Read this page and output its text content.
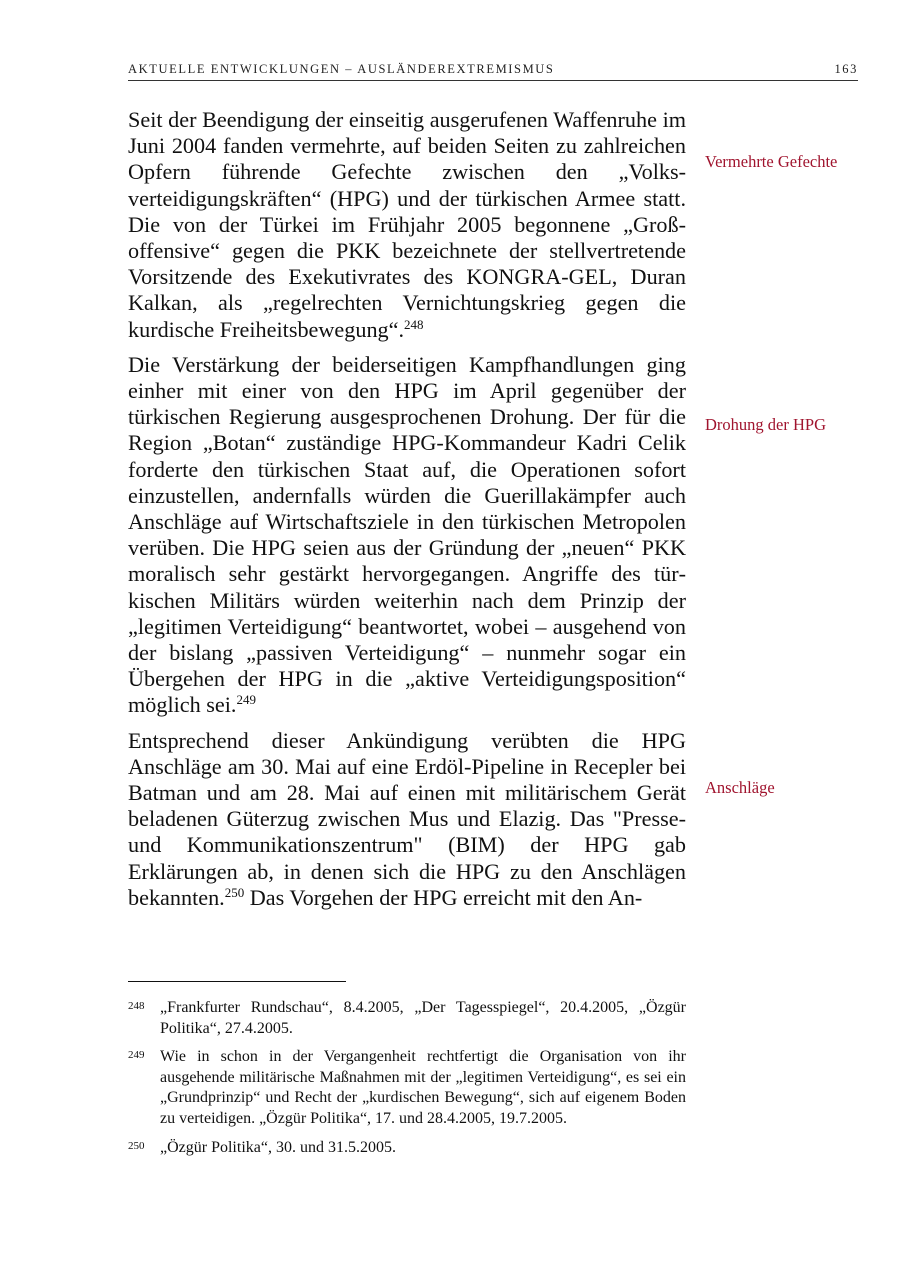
AKTUELLE ENTWICKLUNGEN – AUSLÄNDEREXTREMISMUS	163

Seit der Beendigung der einseitig ausgerufenen Waffenruhe im Juni 2004 fanden vermehrte, auf beiden Seiten zu zahlreichen Opfern führende Gefechte zwischen den „Volksverteidigungskräften“ (HPG) und der türkischen Armee statt. Die von der Türkei im Frühjahr 2005 begonnene „Großoffensive“ gegen die PKK bezeichnete der stellvertretende Vorsitzende des Exekutivrates des KONGRA-GEL, Duran Kalkan, als „regelrechten Vernichtungskrieg gegen die kurdische Freiheitsbewegung“.$^{248}$

Die Verstärkung der beiderseitigen Kampfhandlungen ging einher mit einer von den HPG im April gegenüber der türkischen Regierung ausgesprochenen Drohung. Der für die Region „Botan“ zuständige HPG-Kommandeur Kadri Celik forderte den türkischen Staat auf, die Operationen sofort einzustellen, andernfalls würden die Guerillakämpfer auch Anschläge auf Wirtschaftsziele in den türkischen Metropolen verüben. Die HPG seien aus der Gründung der „neuen“ PKK moralisch sehr gestärkt hervorgegangen. Angriffe des türkischen Militärs würden weiterhin nach dem Prinzip der „legitimen Verteidigung“ beantwortet, wobei – ausgehend von der bislang „passiven Verteidigung“ – nunmehr sogar ein Übergehen der HPG in die „aktive Verteidigungsposition“ möglich sei.$^{249}$

Entsprechend dieser Ankündigung verübten die HPG Anschläge am 30. Mai auf eine Erdöl-Pipeline in Recepler bei Batman und am 28. Mai auf einen mit militärischem Gerät beladenen Güterzug zwischen Mus und Elazig. Das "Presse- und Kommunikationszentrum" (BIM) der HPG gab Erklärungen ab, in denen sich die HPG zu den Anschlägen bekannten.$^{250}$ Das Vorgehen der HPG erreicht mit den An-

Vermehrte Gefechte
Drohung der HPG
Anschläge
248 „Frankfurter Rundschau“, 8.4.2005, „Der Tagesspiegel“, 20.4.2005, „Özgür Politika“, 27.4.2005.
249 Wie in schon in der Vergangenheit rechtfertigt die Organisation von ihr ausgehende militärische Maßnahmen mit der „legitimen Verteidigung“, es sei ein „Grundprinzip“ und Recht der „kurdischen Bewegung“, sich auf eigenem Boden zu verteidigen. „Özgür Politika“, 17. und 28.4.2005, 19.7.2005.
250 „Özgür Politika“, 30. und 31.5.2005.
